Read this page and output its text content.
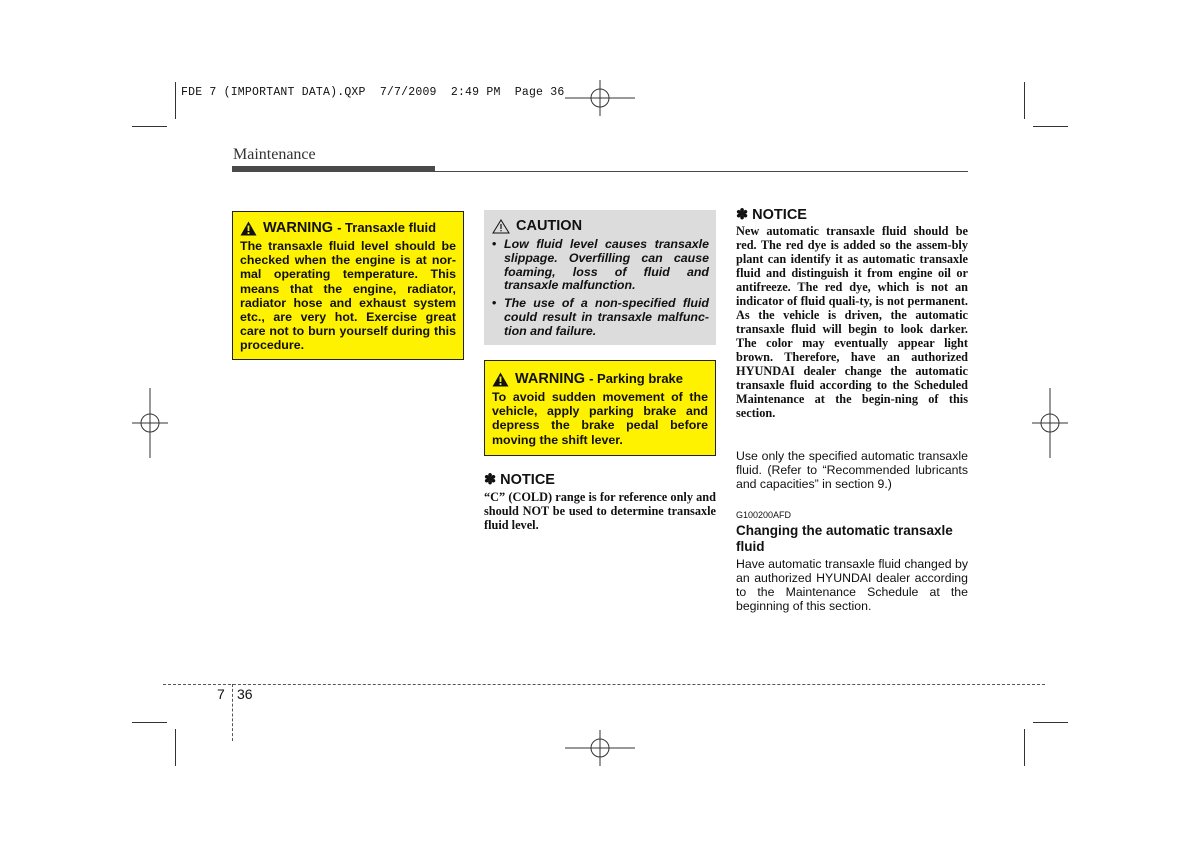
FDE 7 (IMPORTANT DATA).QXP  7/7/2009  2:49 PM  Page 36
Maintenance
WARNING - Transaxle fluid
The transaxle fluid level should be checked when the engine is at nor-mal operating temperature. This means that the engine, radiator, radiator hose and exhaust system etc., are very hot. Exercise great care not to burn yourself during this procedure.
CAUTION
• Low fluid level causes transaxle slippage. Overfilling can cause foaming, loss of fluid and transaxle malfunction.
• The use of a non-specified fluid could result in transaxle malfunc-tion and failure.
WARNING - Parking brake
To avoid sudden movement of the vehicle, apply parking brake and depress the brake pedal before moving the shift lever.
✽ NOTICE
“C” (COLD) range is for reference only and should NOT be used to determine transaxle fluid level.
✽ NOTICE
New automatic transaxle fluid should be red. The red dye is added so the assem-bly plant can identify it as automatic transaxle fluid and distinguish it from engine oil or antifreeze. The red dye, which is not an indicator of fluid quali-ty, is not permanent. As the vehicle is driven, the automatic transaxle fluid will begin to look darker. The color may eventually appear light brown. Therefore, have an authorized HYUNDAI dealer change the automatic transaxle fluid according to the Scheduled Maintenance at the begin-ning of this section.
Use only the specified automatic transaxle fluid. (Refer to “Recommended lubricants and capacities” in section 9.)
G100200AFD
Changing the automatic transaxle fluid
Have automatic transaxle fluid changed by an authorized HYUNDAI dealer according to the Maintenance Schedule at the beginning of this section.
7 36
